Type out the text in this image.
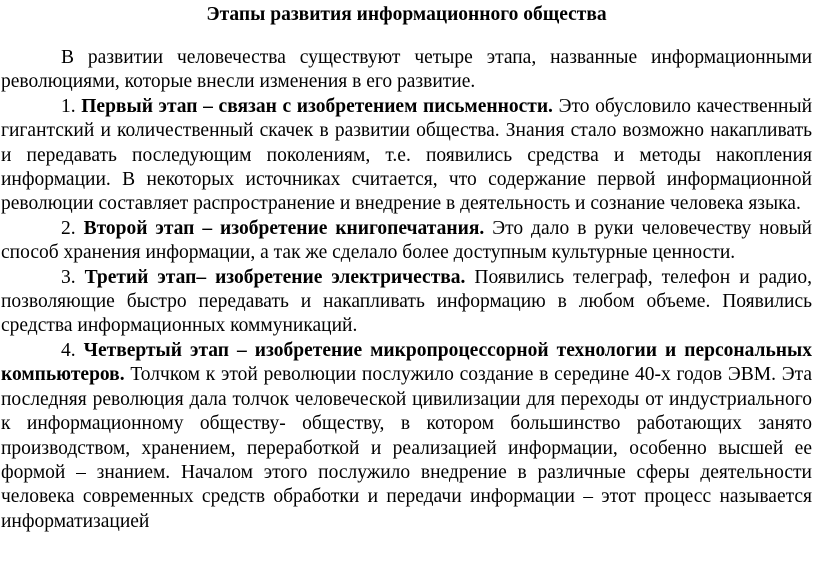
Этапы развития информационного общества

В развитии человечества существуют четыре этапа, названные информационными революциями, которые внесли изменения в его развитие.

1. Первый этап – связан с изобретением письменности. Это обусловило качественный гигантский и количественный скачек в развитии общества. Знания стало возможно накапливать и передавать последующим поколениям, т.е. появились средства и методы накопления информации. В некоторых источниках считается, что содержание первой информационной революции составляет распространение и внедрение в деятельность и сознание человека языка.

2. Второй этап – изобретение книгопечатания. Это дало в руки человечеству новый способ хранения информации, а так же сделало более доступным культурные ценности.

3. Третий этап– изобретение электричества. Появились телеграф, телефон и радио, позволяющие быстро передавать и накапливать информацию в любом объеме. Появились средства информационных коммуникаций.

4. Четвертый этап – изобретение микропроцессорной технологии и персональных компьютеров. Толчком к этой революции послужило создание в середине 40-х годов ЭВМ. Эта последняя революция дала толчок человеческой цивилизации для переходы от индустриального к информационному обществу- обществу, в котором большинство работающих занято производством, хранением, переработкой и реализацией информации, особенно высшей ее формой – знанием. Началом этого послужило внедрение в различные сферы деятельности человека современных средств обработки и передачи информации – этот процесс называется информатизацией
